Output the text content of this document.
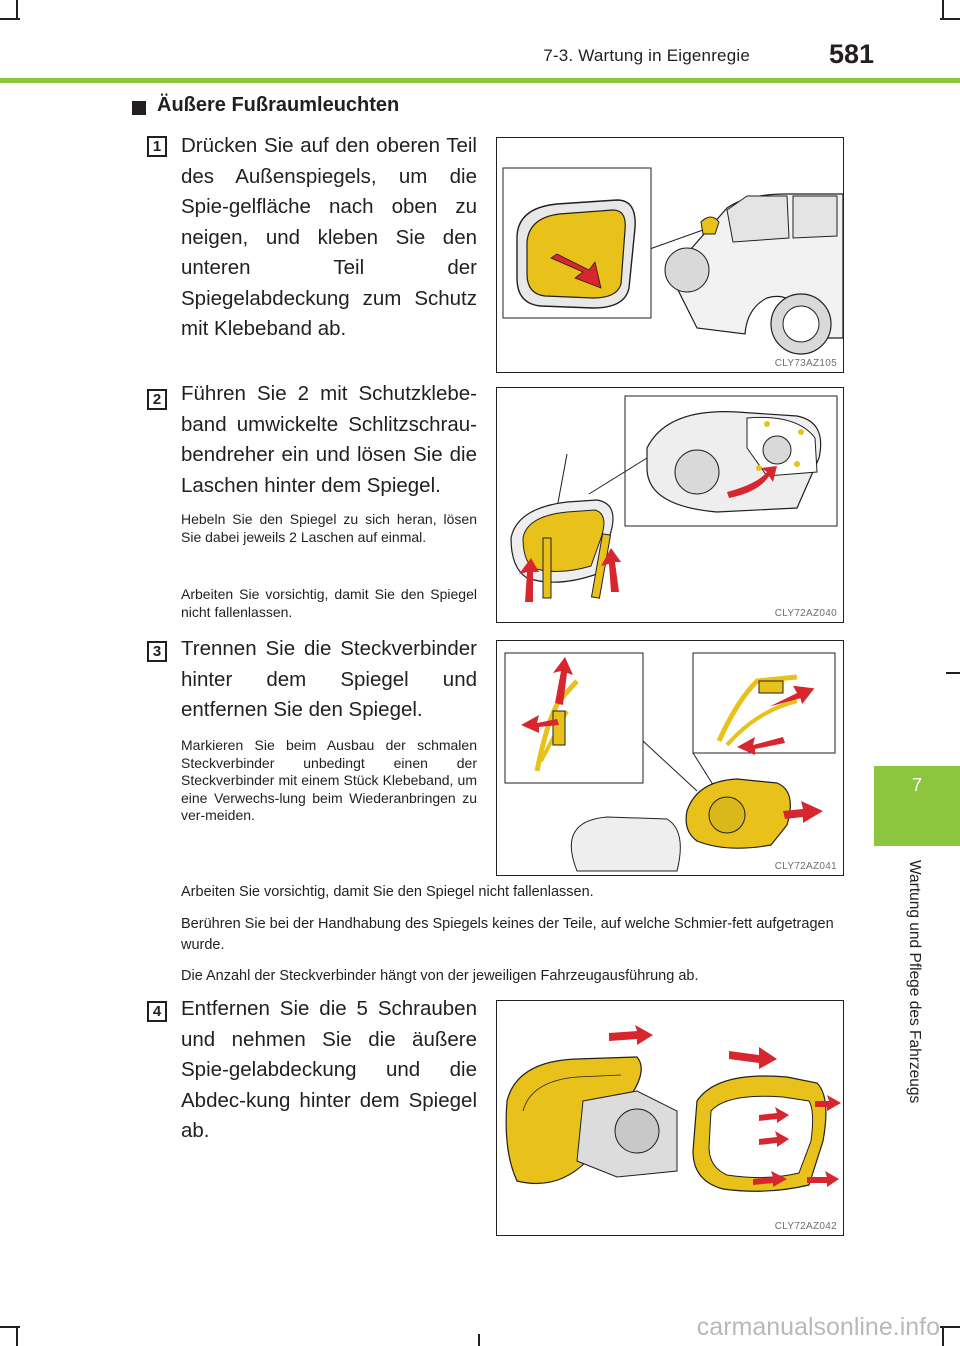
7-3. Wartung in Eigenregie	581
Äußere Fußraumleuchten
1 Drücken Sie auf den oberen Teil des Außenspiegels, um die Spie-gelfläche nach oben zu neigen, und kleben Sie den unteren Teil der Spiegelabdeckung zum Schutz mit Klebeband ab.
CLY73AZ105
2 Führen Sie 2 mit Schutzklebe-band umwickelte Schlitzschrau-bendreher ein und lösen Sie die Laschen hinter dem Spiegel.
Hebeln Sie den Spiegel zu sich heran, lösen Sie dabei jeweils 2 Laschen auf einmal.
Arbeiten Sie vorsichtig, damit Sie den Spiegel nicht fallenlassen.	CLY72AZ040
3 Trennen Sie die Steckverbinder hinter dem Spiegel und entfernen Sie den Spiegel.
Markieren Sie beim Ausbau der schmalen Steckverbinder unbedingt einen der Steckverbinder mit einem Stück Klebeband, um eine Verwechs-lung beim Wiederanbringen zu ver-meiden.
CLY72AZ041
Arbeiten Sie vorsichtig, damit Sie den Spiegel nicht fallenlassen.
Berühren Sie bei der Handhabung des Spiegels keines der Teile, auf welche Schmier-fett aufgetragen wurde.
Die Anzahl der Steckverbinder hängt von der jeweiligen Fahrzeugausführung ab.
4 Entfernen Sie die 5 Schrauben und nehmen Sie die äußere Spie-gelabdeckung und die Abdec-kung hinter dem Spiegel ab.
CLY72AZ042
7
Wartung und Pflege des Fahrzeugs
carmanualsonline.info
